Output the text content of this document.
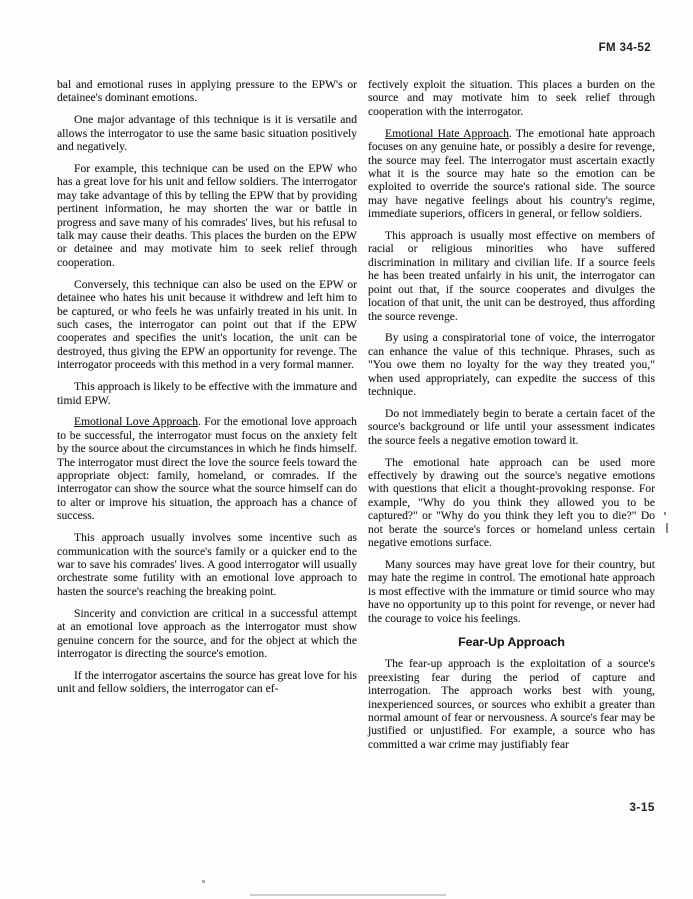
FM 34-52

bal and emotional ruses in applying pressure to the EPW's or detainee's dominant emotions.

One major advantage of this technique is it is versatile and allows the interrogator to use the same basic situation positively and negatively.

For example, this technique can be used on the EPW who has a great love for his unit and fellow soldiers. The interrogator may take advantage of this by telling the EPW that by providing pertinent information, he may shorten the war or battle in progress and save many of his comrades' lives, but his refusal to talk may cause their deaths. This places the burden on the EPW or detainee and may motivate him to seek relief through cooperation.

Conversely, this technique can also be used on the EPW or detainee who hates his unit because it withdrew and left him to be captured, or who feels he was unfairly treated in his unit. In such cases, the interrogator can point out that if the EPW cooperates and specifies the unit's location, the unit can be destroyed, thus giving the EPW an opportunity for revenge. The interrogator proceeds with this method in a very formal manner.

This approach is likely to be effective with the immature and timid EPW.

Emotional Love Approach. For the emotional love approach to be successful, the interrogator must focus on the anxiety felt by the source about the circumstances in which he finds himself. The interrogator must direct the love the source feels toward the appropriate object: family, homeland, or comrades. If the interrogator can show the source what the source himself can do to alter or improve his situation, the approach has a chance of success.

This approach usually involves some incentive such as communication with the source's family or a quicker end to the war to save his comrades' lives. A good interrogator will usually orchestrate some futility with an emotional love approach to hasten the source's reaching the breaking point.

Sincerity and conviction are critical in a successful attempt at an emotional love approach as the interrogator must show genuine concern for the source, and for the object at which the interrogator is directing the source's emotion.

If the interrogator ascertains the source has great love for his unit and fellow soldiers, the interrogator can ef-

fectively exploit the situation. This places a burden on the source and may motivate him to seek relief through cooperation with the interrogator.

Emotional Hate Approach. The emotional hate approach focuses on any genuine hate, or possibly a desire for revenge, the source may feel. The interrogator must ascertain exactly what it is the source may hate so the emotion can be exploited to override the source's rational side. The source may have negative feelings about his country's regime, immediate superiors, officers in general, or fellow soldiers.

This approach is usually most effective on members of racial or religious minorities who have suffered discrimination in military and civilian life. If a source feels he has been treated unfairly in his unit, the interrogator can point out that, if the source cooperates and divulges the location of that unit, the unit can be destroyed, thus affording the source revenge.

By using a conspiratorial tone of voice, the interrogator can enhance the value of this technique. Phrases, such as "You owe them no loyalty for the way they treated you," when used appropriately, can expedite the success of this technique.

Do not immediately begin to berate a certain facet of the source's background or life until your assessment indicates the source feels a negative emotion toward it.

The emotional hate approach can be used more effectively by drawing out the source's negative emotions with questions that elicit a thought-provoking response. For example, "Why do you think they allowed you to be captured?" or "Why do you think they left you to die?" Do not berate the source's forces or homeland unless certain negative emotions surface.

Many sources may have great love for their country, but may hate the regime in control. The emotional hate approach is most effective with the immature or timid source who may have no opportunity up to this point for revenge, or never had the courage to voice his feelings.

Fear-Up Approach

The fear-up approach is the exploitation of a source's preexisting fear during the period of capture and interrogation. The approach works best with young, inexperienced sources, or sources who exhibit a greater than normal amount of fear or nervousness. A source's fear may be justified or unjustified. For example, a source who has committed a war crime may justifiably fear

3-15
